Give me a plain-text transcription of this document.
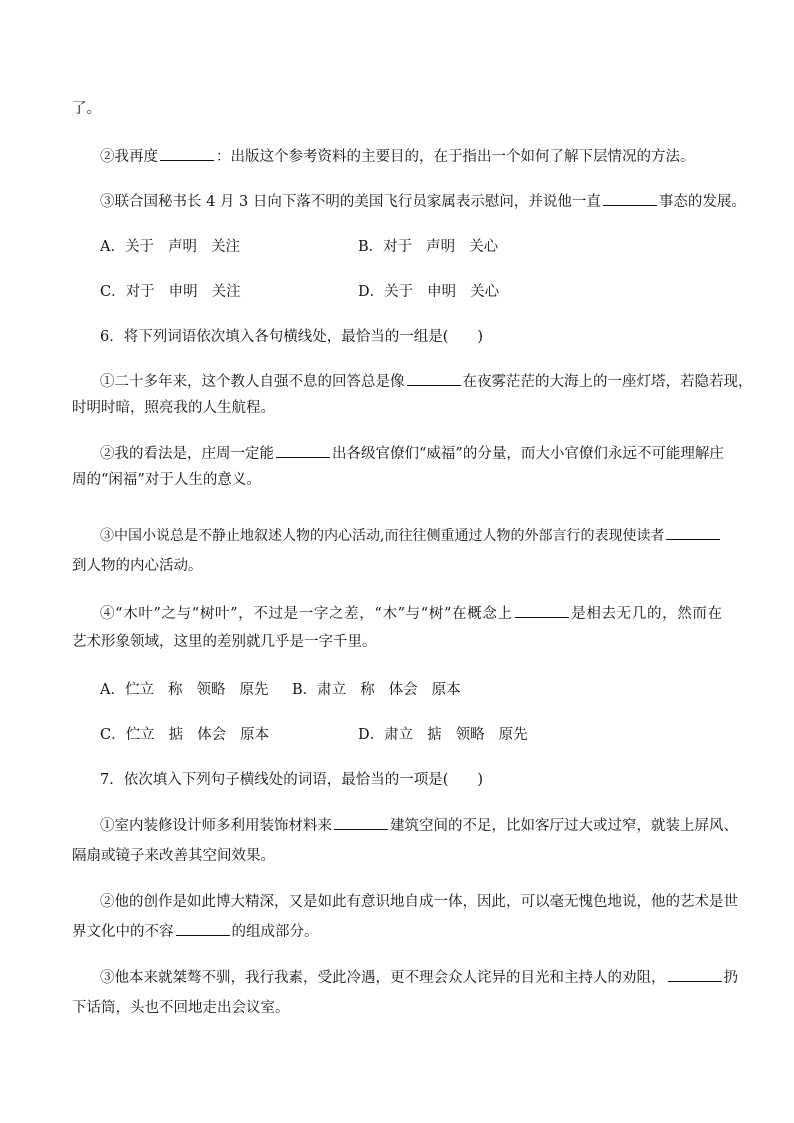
了。
②我再度	：出版这个参考资料的主要目的，在于指出一个如何了解下层情况的方法。
③联合国秘书长 4 月 3 日向下落不明的美国飞行员家属表示慰问，并说他一直	事态的发展。
A．关于 声明 关注	B．对于 声明 关心
C．对于 申明 关注	D．关于 申明 关心
6．将下列词语依次填入各句横线处，最恰当的一组是(　　)
①二十多年来，这个教人自强不息的回答总是像	在夜雾茫茫的大海上的一座灯塔，若隐若现，
时明时暗，照亮我的人生航程。
②我的看法是，庄周一定能	出各级官僚们“威福”的分量，而大小官僚们永远不可能理解庄
周的“闲福”对于人生的意义。
③中国小说总是不静止地叙述人物的内心活动,而往往侧重通过人物的外部言行的表现使读者
到人物的内心活动。
④“木叶”之与“树叶”，不过是一字之差，“木”与“树”在概念上	是相去无几的，然而在
艺术形象领域，这里的差别就几乎是一字千里。
A．伫立 称 领略 原先 B．肃立 称 体会 原本
C．伫立 掂 体会 原本	D．肃立 掂 领略 原先
7．依次填入下列句子横线处的词语，最恰当的一项是(　　)
①室内装修设计师多利用装饰材料来	建筑空间的不足，比如客厅过大或过窄，就装上屏风、
隔扇或镜子来改善其空间效果。
②他的创作是如此博大精深，又是如此有意识地自成一体，因此，可以毫无愧色地说，他的艺术是世
界文化中的不容	的组成部分。
③他本来就桀骜不驯，我行我素，受此冷遇，更不理会众人诧异的目光和主持人的劝阻，	扔
下话筒，头也不回地走出会议室。
